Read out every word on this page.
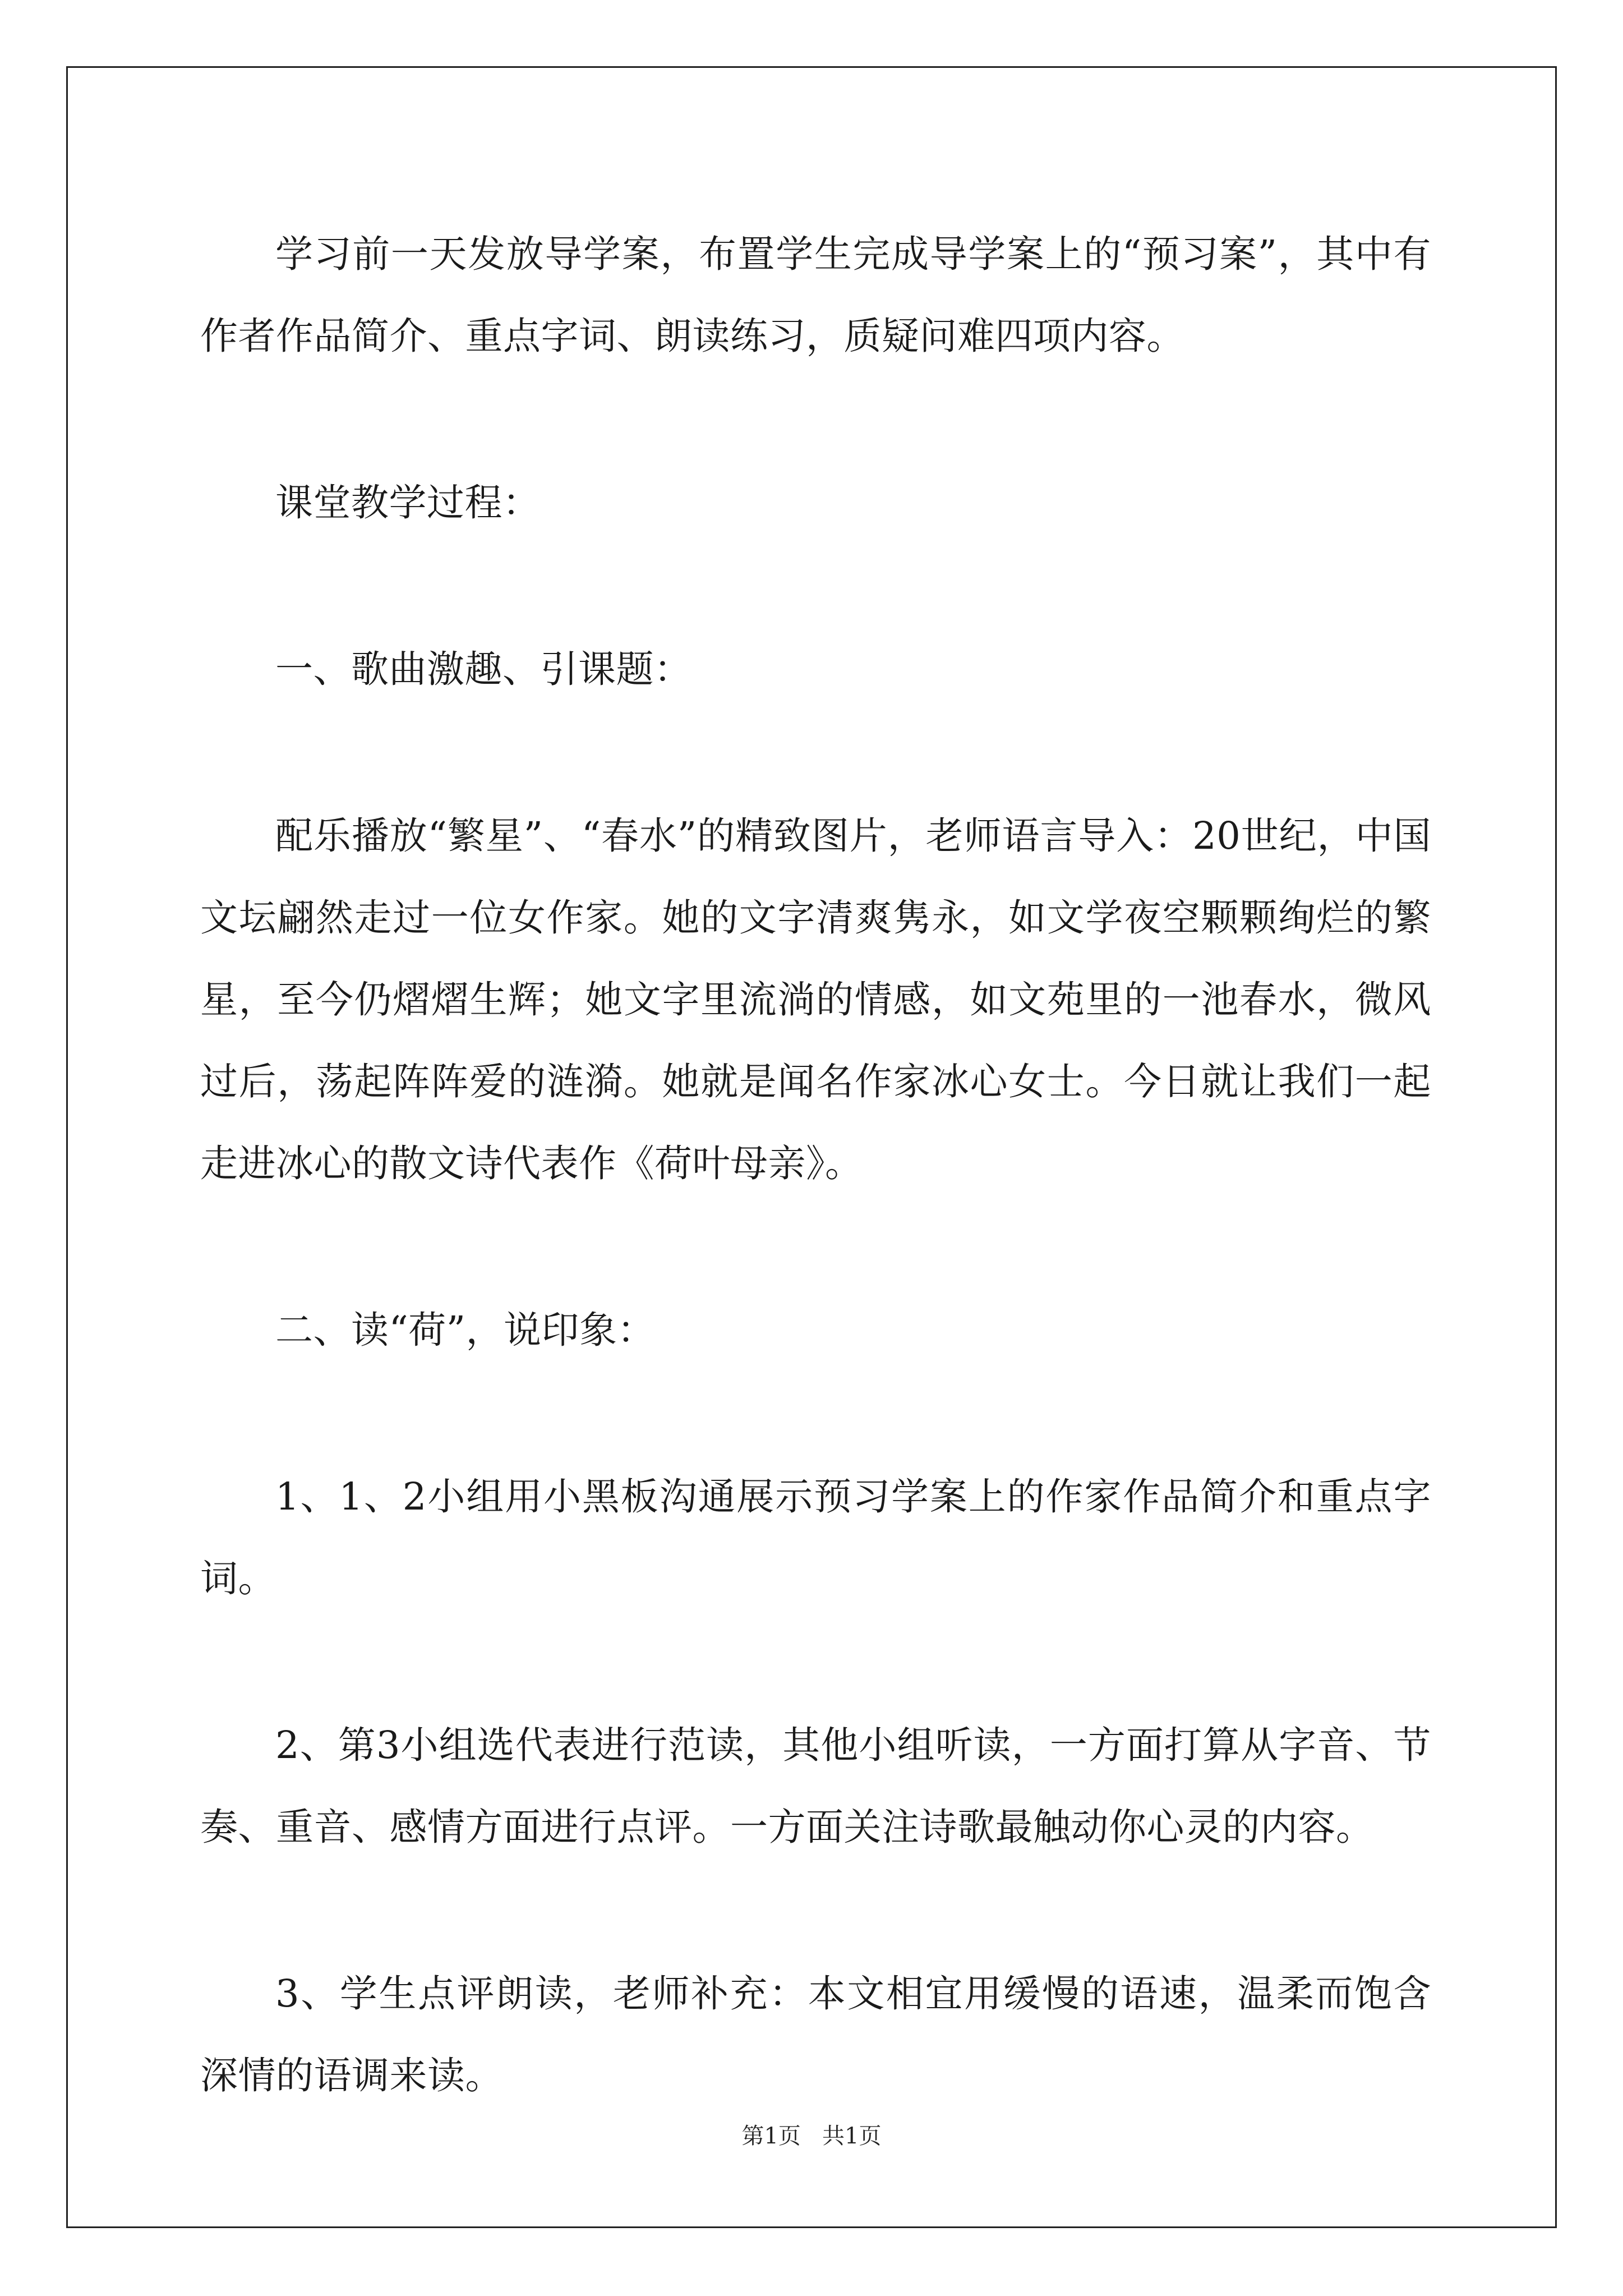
学习前一天发放导学案，布置学生完成导学案上的“预习案”，其中有作者作品简介、重点字词、朗读练习，质疑问难四项内容。

课堂教学过程：

一、歌曲激趣、引课题：

配乐播放“繁星”、“春水”的精致图片，老师语言导入：20世纪，中国文坛翩然走过一位女作家。她的文字清爽隽永，如文学夜空颗颗绚烂的繁星，至今仍熠熠生辉；她文字里流淌的情感，如文苑里的一池春水，微风过后，荡起阵阵爱的涟漪。她就是闻名作家冰心女士。今日就让我们一起走进冰心的散文诗代表作《荷叶母亲》。

二、读“荷”，说印象：

1、1、2小组用小黑板沟通展示预习学案上的作家作品简介和重点字词。

2、第3小组选代表进行范读，其他小组听读，一方面打算从字音、节奏、重音、感情方面进行点评。一方面关注诗歌最触动你心灵的内容。

3、学生点评朗读，老师补充：本文相宜用缓慢的语速，温柔而饱含深情的语调来读。

第1页   共1页
